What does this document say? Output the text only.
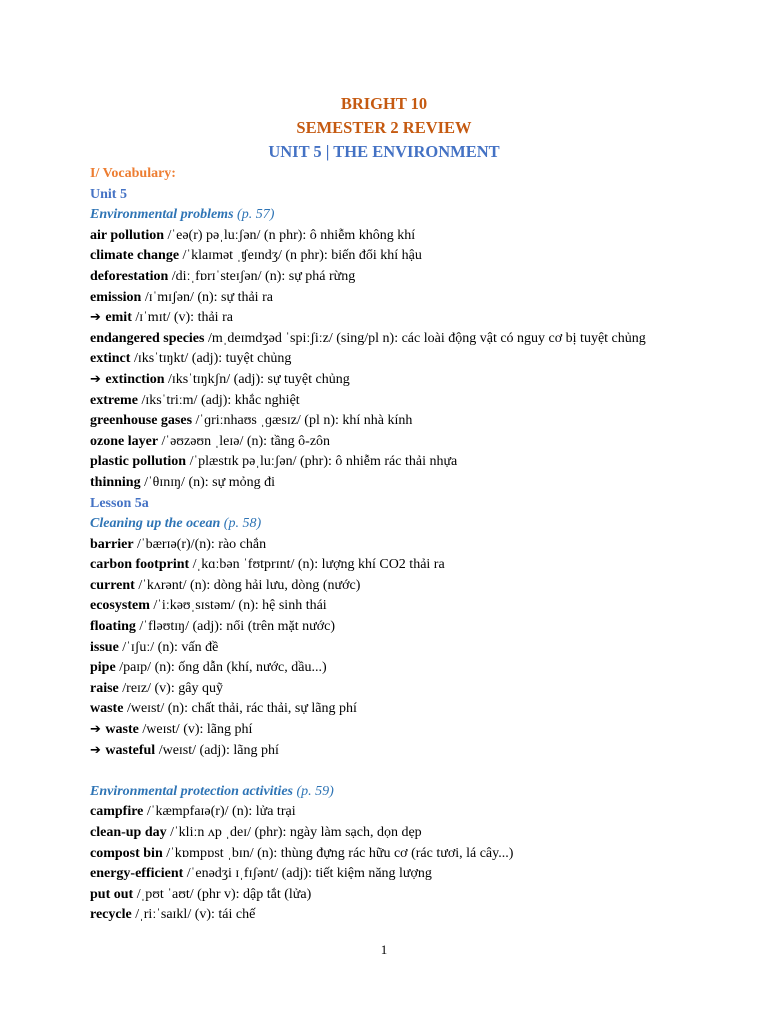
BRIGHT 10
SEMESTER 2 REVIEW
UNIT 5 | THE ENVIRONMENT
I/ Vocabulary:
Unit 5
Environmental problems (p. 57)
air pollution /ˈeə(r) pəˌluːʃən/ (n phr): ô nhiễm không khí
climate change /ˈklaɪmət ˌʧeɪndʒ/ (n phr): biến đổi khí hậu
deforestation /diːˌfɒrɪˈsteɪʃən/ (n): sự phá rừng
emission /ɪˈmɪʃən/ (n): sự thải ra
➔ emit /ɪˈmɪt/ (v): thải ra
endangered species /mˌdeɪmdʒəd ˈspiːʃiːz/ (sing/pl n): các loài động vật có nguy cơ bị tuyệt chủng
extinct /ɪksˈtɪŋkt/ (adj): tuyệt chủng
➔ extinction /ɪksˈtɪŋkʃn/ (adj): sự tuyệt chủng
extreme /ɪksˈtriːm/ (adj): khắc nghiệt
greenhouse gases /ˈɡriːnhaʊs ˌɡæsɪz/ (pl n): khí nhà kính
ozone layer /ˈəʊzəʊn ˌleɪə/ (n): tầng ô-zôn
plastic pollution /ˈplæstɪk pəˌluːʃən/ (phr): ô nhiễm rác thải nhựa
thinning /ˈθɪnɪŋ/ (n): sự mỏng đi
Lesson 5a
Cleaning up the ocean (p. 58)
barrier /ˈbærɪə(r)/(n): rào chắn
carbon footprint /ˌkɑːbən ˈfʊtprɪnt/ (n): lượng khí CO2 thải ra
current /ˈkʌrənt/ (n): dòng hải lưu, dòng (nước)
ecosystem /ˈiːkəʊˌsɪstəm/ (n): hệ sinh thái
floating /ˈfləʊtɪŋ/ (adj): nổi (trên mặt nước)
issue /ˈɪʃuː/ (n): vấn đề
pipe /paɪp/ (n): ống dẫn (khí, nước, dầu...)
raise /reɪz/ (v): gây quỹ
waste /weɪst/ (n): chất thải, rác thải, sự lãng phí
➔ waste /weɪst/ (v): lãng phí
➔ wasteful /weɪst/ (adj): lãng phí
Environmental protection activities (p. 59)
campfire /ˈkæmpfaɪə(r)/ (n): lửa trại
clean-up day /ˈkliːn ʌp ˌdeɪ/ (phr): ngày làm sạch, dọn dẹp
compost bin /ˈkɒmpɒst ˌbɪn/ (n): thùng đựng rác hữu cơ (rác tươi, lá cây...)
energy-efficient /ˈenədʒi ɪˌfɪʃənt/ (adj): tiết kiệm năng lượng
put out /ˌpʊt ˈaʊt/ (phr v): dập tắt (lửa)
recycle /ˌriːˈsaɪkl/ (v): tái chế
1
